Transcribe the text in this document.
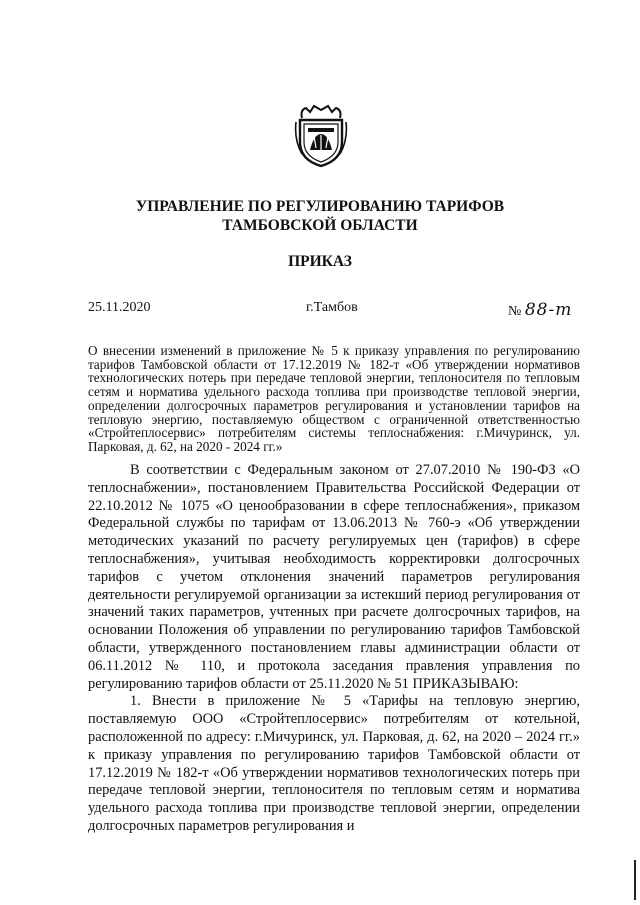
УПРАВЛЕНИЕ ПО РЕГУЛИРОВАНИЮ ТАРИФОВ
ТАМБОВСКОЙ ОБЛАСТИ
ПРИКАЗ
25.11.2020	г.Тамбов	№ 88-т
О внесении изменений в приложение № 5 к приказу управления по регулированию тарифов Тамбовской области от 17.12.2019 № 182-т «Об утверждении нормативов технологических потерь при передаче тепловой энергии, теплоносителя по тепловым сетям и норматива удельного расхода топлива при производстве тепловой энергии, определении долгосрочных параметров регулирования и установлении тарифов на тепловую энергию, поставляемую обществом с ограниченной ответственностью «Стройтеплосервис» потребителям системы теплоснабжения: г.Мичуринск, ул. Парковая, д. 62, на 2020 - 2024 гг.»

В соответствии с Федеральным законом от 27.07.2010 № 190-ФЗ «О теплоснабжении», постановлением Правительства Российской Федерации от 22.10.2012 № 1075 «О ценообразовании в сфере теплоснабжения», приказом Федеральной службы по тарифам от 13.06.2013 № 760-э «Об утверждении методических указаний по расчету регулируемых цен (тарифов) в сфере теплоснабжения», учитывая необходимость корректировки долгосрочных тарифов с учетом отклонения значений параметров регулирования деятельности регулируемой организации за истекший период регулирования от значений таких параметров, учтенных при расчете долгосрочных тарифов, на основании Положения об управлении по регулированию тарифов Тамбовской области, утвержденного постановлением главы администрации области от 06.11.2012 № 110, и протокола заседания правления управления по регулированию тарифов области от 25.11.2020 № 51 ПРИКАЗЫВАЮ:

1. Внести в приложение № 5 «Тарифы на тепловую энергию, поставляемую ООО «Стройтеплосервис» потребителям от котельной, расположенной по адресу: г.Мичуринск, ул. Парковая, д. 62, на 2020 – 2024 гг.» к приказу управления по регулированию тарифов Тамбовской области от 17.12.2019 № 182-т «Об утверждении нормативов технологических потерь при передаче тепловой энергии, теплоносителя по тепловым сетям и норматива удельного расхода топлива при производстве тепловой энергии, определении долгосрочных параметров регулирования и
